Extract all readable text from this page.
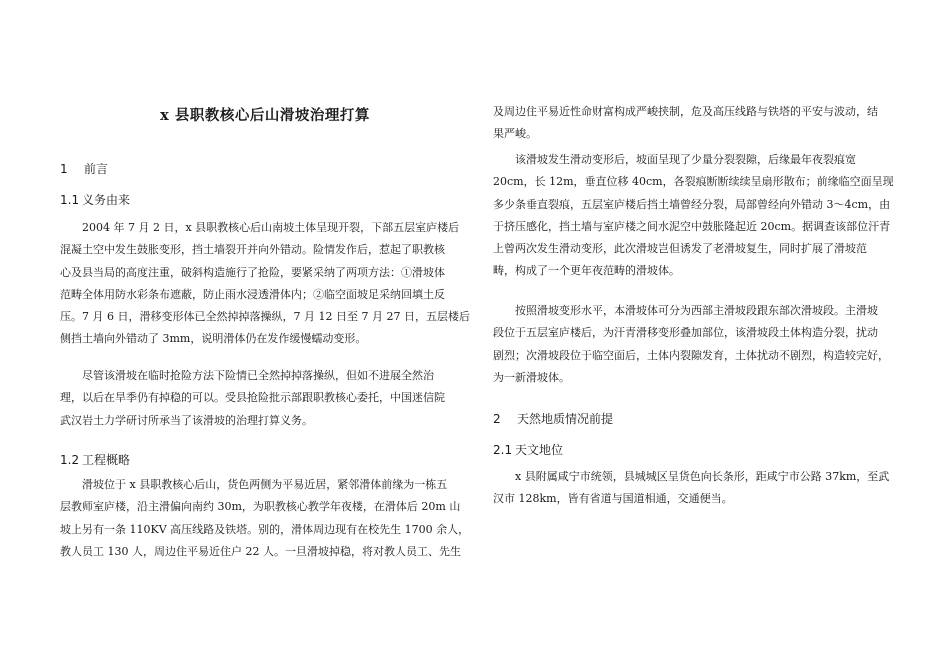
x 县职教核心后山滑坡治理打算
1 前言
1.1 义务由来
2004 年 7 月 2 日，x 县职教核心后山南坡土体呈现开裂，下部五层室庐楼后
混凝土空中发生鼓胀变形，挡土墙裂开并向外错动。险情发作后，惹起了职教核
心及县当局的高度注重，破斜构造施行了抢险，要紧采纳了两项方法：①滑坡体
范畴全体用防水彩条布遮蔽，防止雨水浸透滑体内；②临空面坡足采纳回填土反
压。7 月 6 日，滑移变形体已全然掉掉落操纵，7 月 12 日至 7 月 27 日，五层楼后
侧挡土墙向外错动了 3mm，说明滑体仍在发作缓慢蠕动变形。
尽管该滑坡在临时抢险方法下险情已全然掉掉落操纵，但如不进展全然治
理，以后在旱季仍有掉稳的可以。受县抢险批示部跟职教核心委托，中国迷信院
武汉岩土力学研讨所承当了该滑坡的治理打算义务。
1.2 工程概略
滑坡位于 x 县职教核心后山，货色两侧为平易近居，紧邻滑体前缘为一栋五
层教师室庐楼，沿主滑偏向南约 30m，为职教核心教学年夜楼，在滑体后 20m 山
坡上另有一条 110KV 高压线路及铁塔。别的，滑体周边现有在校先生 1700 余人，
教人员工 130 人，周边住平易近住户 22 人。一旦滑坡掉稳，将对教人员工、先生
及周边住平易近性命财富构成严峻挟制，危及高压线路与铁塔的平安与波动，结
果严峻。
该滑坡发生滑动变形后，坡面呈现了少量分裂裂隙，后缘最年夜裂痕宽
20cm，长 12m，垂直位移 40cm，各裂痕断断续续呈扇形散布；前缘临空面呈现
多少条垂直裂痕，五层室庐楼后挡土墙曾经分裂，局部曾经向外错动 3～4cm，由
于挤压感化，挡土墙与室庐楼之间水泥空中鼓胀隆起近 20cm。据调查该部位汗青
上曾两次发生滑动变形，此次滑坡岂但诱发了老滑坡复生，同时扩展了滑坡范
畴，构成了一个更年夜范畴的滑坡体。
按照滑坡变形水平，本滑坡体可分为西部主滑坡段跟东部次滑坡段。主滑坡
段位于五层室庐楼后，为汗青滑移变形叠加部位，该滑坡段土体构造分裂，扰动
剧烈；次滑坡段位于临空面后，土体内裂隙发育，土体扰动不剧烈，构造较完好，
为一新滑坡体。
2 天然地质情况前提
2.1 天文地位
x 县附属咸宁市统领，县城城区呈货色向长条形，距咸宁市公路 37km，至武
汉市 128km，皆有省道与国道相通，交通便当。
